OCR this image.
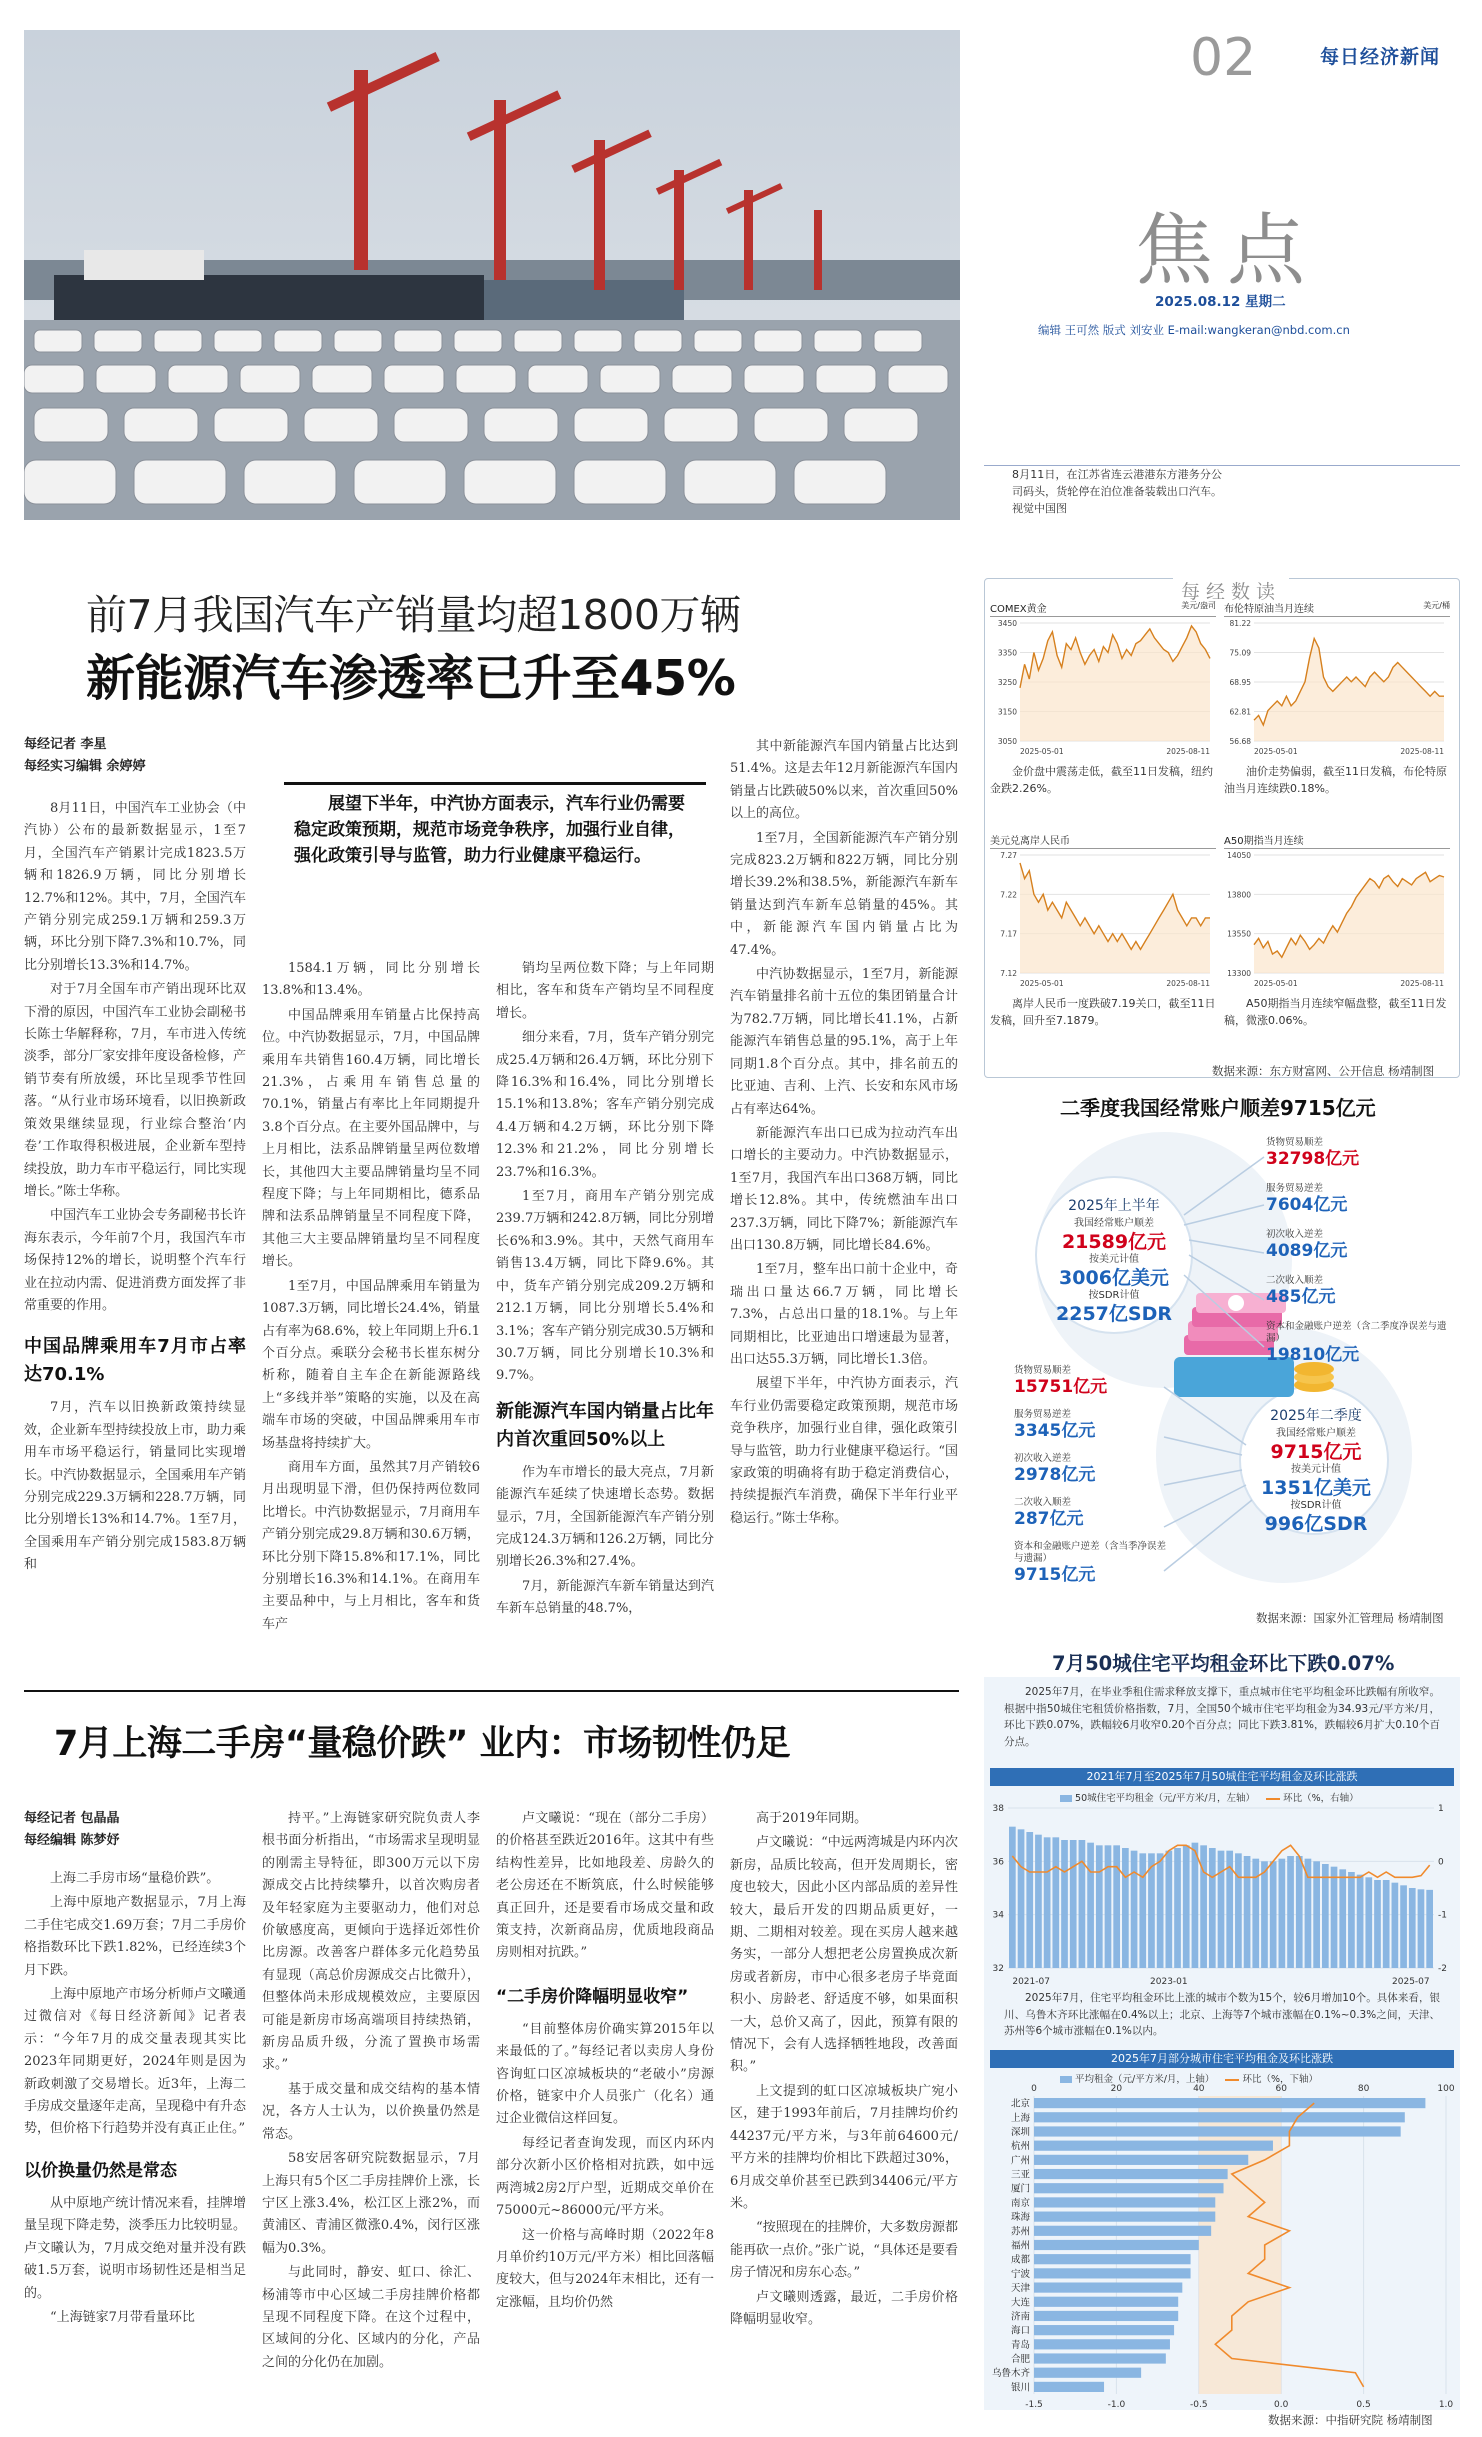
02	每日经济新闻
焦点
2025.08.12 星期二
编辑 王可然 版式 刘安业 E-mail:wangkeran@nbd.com.cn
8月11日，在江苏省连云港港东方港务分公司码头，货轮停在泊位准备装载出口汽车。 视觉中国图
前7月我国汽车产销量均超1800万辆
新能源汽车渗透率已升至45%
每经记者 李星
每经实习编辑 余婷婷
展望下半年，中汽协方面表示，汽车行业仍需要稳定政策预期，规范市场竞争秩序，加强行业自律，强化政策引导与监管，助力行业健康平稳运行。

8月11日，中国汽车工业协会（中汽协）公布的最新数据显示，1至7月，全国汽车产销累计完成1823.5万辆和1826.9万辆，同比分别增长12.7%和12%。其中，7月，全国汽车产销分别完成259.1万辆和259.3万辆，环比分别下降7.3%和10.7%，同比分别增长13.3%和14.7%。

对于7月全国车市产销出现环比双下滑的原因，中国汽车工业协会副秘书长陈士华解释称，7月，车市进入传统淡季，部分厂家安排年度设备检修，产销节奏有所放缓，环比呈现季节性回落。“从行业市场环境看，以旧换新政策效果继续显现，行业综合整治‘内卷’工作取得积极进展，企业新车型持续投放，助力车市平稳运行，同比实现增长。”陈士华称。

中国汽车工业协会专务副秘书长许海东表示，今年前7个月，我国汽车市场保持12%的增长，说明整个汽车行业在拉动内需、促进消费方面发挥了非常重要的作用。

中国品牌乘用车7月市占率达70.1%

7月，汽车以旧换新政策持续显效，企业新车型持续投放上市，助力乘用车市场平稳运行，销量同比实现增长。中汽协数据显示，全国乘用车产销分别完成229.3万辆和228.7万辆，同比分别增长13%和14.7%。1至7月，全国乘用车产销分别完成1583.8万辆和

1584.1万辆，同比分别增长13.8%和13.4%。

中国品牌乘用车销量占比保持高位。中汽协数据显示，7月，中国品牌乘用车共销售160.4万辆，同比增长21.3%，占乘用车销售总量的70.1%，销量占有率比上年同期提升3.8个百分点。在主要外国品牌中，与上月相比，法系品牌销量呈两位数增长，其他四大主要品牌销量均呈不同程度下降；与上年同期相比，德系品牌和法系品牌销量呈不同程度下降，其他三大主要品牌销量均呈不同程度增长。

1至7月，中国品牌乘用车销量为1087.3万辆，同比增长24.4%，销量占有率为68.6%，较上年同期上升6.1个百分点。乘联分会秘书长崔东树分析称，随着自主车企在新能源路线上“多线并举”策略的实施，以及在高端车市场的突破，中国品牌乘用车市场基盘将持续扩大。

商用车方面，虽然其7月产销较6月出现明显下滑，但仍保持两位数同比增长。中汽协数据显示，7月商用车产销分别完成29.8万辆和30.6万辆，环比分别下降15.8%和17.1%，同比分别增长16.3%和14.1%。在商用车主要品种中，与上月相比，客车和货车产

销均呈两位数下降；与上年同期相比，客车和货车产销均呈不同程度增长。

细分来看，7月，货车产销分别完成25.4万辆和26.4万辆，环比分别下降16.3%和16.4%，同比分别增长15.1%和13.8%；客车产销分别完成4.4万辆和4.2万辆，环比分别下降12.3%和21.2%，同比分别增长23.7%和16.3%。

1至7月，商用车产销分别完成239.7万辆和242.8万辆，同比分别增长6%和3.9%。其中，天然气商用车销售13.4万辆，同比下降9.6%。其中，货车产销分别完成209.2万辆和212.1万辆，同比分别增长5.4%和3.1%；客车产销分别完成30.5万辆和30.7万辆，同比分别增长10.3%和9.7%。

新能源汽车国内销量占比年内首次重回50%以上

作为车市增长的最大亮点，7月新能源汽车延续了快速增长态势。数据显示，7月，全国新能源汽车产销分别完成124.3万辆和126.2万辆，同比分别增长26.3%和27.4%。

7月，新能源汽车新车销量达到汽车新车总销量的48.7%，

其中新能源汽车国内销量占比达到51.4%。这是去年12月新能源汽车国内销量占比跌破50%以来，首次重回50%以上的高位。

1至7月，全国新能源汽车产销分别完成823.2万辆和822万辆，同比分别增长39.2%和38.5%，新能源汽车新车销量达到汽车新车总销量的45%。其中，新能源汽车国内销量占比为47.4%。

中汽协数据显示，1至7月，新能源汽车销量排名前十五位的集团销量合计为782.7万辆，同比增长41.1%，占新能源汽车销售总量的95.1%，高于上年同期1.8个百分点。其中，排名前五的比亚迪、吉利、上汽、长安和东风市场占有率达64%。

新能源汽车出口已成为拉动汽车出口增长的主要动力。中汽协数据显示，1至7月，我国汽车出口368万辆，同比增长12.8%。其中，传统燃油车出口237.3万辆，同比下降7%；新能源汽车出口130.8万辆，同比增长84.6%。

1至7月，整车出口前十企业中，奇瑞出口量达66.7万辆，同比增长7.3%，占总出口量的18.1%。与上年同期相比，比亚迪出口增速最为显著，出口达55.3万辆，同比增长1.3倍。

展望下半年，中汽协方面表示，汽车行业仍需要稳定政策预期，规范市场竞争秩序，加强行业自律，强化政策引导与监管，助力行业健康平稳运行。“国家政策的明确将有助于稳定消费信心，持续提振汽车消费，确保下半年行业平稳运行。”陈士华称。

7月上海二手房“量稳价跌” 业内：市场韧性仍足
每经记者 包晶晶
每经编辑 陈梦妤

上海二手房市场“量稳价跌”。

上海中原地产数据显示，7月上海二手住宅成交1.69万套；7月二手房价格指数环比下跌1.82%，已经连续3个月下跌。

上海中原地产市场分析师卢文曦通过微信对《每日经济新闻》记者表示：“今年7月的成交量表现其实比2023年同期更好，2024年则是因为新政刺激了交易增长。近3年，上海二手房成交量逐年走高，呈现稳中有升态势，但价格下行趋势并没有真正止住。”

以价换量仍然是常态

从中原地产统计情况来看，挂牌增量呈现下降走势，淡季压力比较明显。卢文曦认为，7月成交绝对量并没有跌破1.5万套，说明市场韧性还是相当足的。

“上海链家7月带看量环比

持平。”上海链家研究院负责人李根书面分析指出，“市场需求呈现明显的刚需主导特征，即300万元以下房源成交占比持续攀升，以首次购房者及年轻家庭为主要驱动力，他们对总价敏感度高，更倾向于选择近郊性价比房源。改善客户群体多元化趋势虽有显现（高总价房源成交占比微升），但整体尚未形成规模效应，主要原因可能是新房市场高端项目持续热销，新房品质升级，分流了置换市场需求。”

基于成交量和成交结构的基本情况，各方人士认为，以价换量仍然是常态。

58安居客研究院数据显示，7月上海只有5个区二手房挂牌价上涨，长宁区上涨3.4%，松江区上涨2%，而黄浦区、青浦区微涨0.4%，闵行区涨幅为0.3%。

与此同时，静安、虹口、徐汇、杨浦等市中心区域二手房挂牌价格都呈现不同程度下降。在这个过程中，区域间的分化、区域内的分化，产品之间的分化仍在加剧。

卢文曦说：“现在（部分二手房）的价格甚至跌近2016年。这其中有些结构性差异，比如地段差、房龄久的老公房还在不断筑底，什么时候能够真正回升，还是要看市场成交量和政策支持，次新商品房，优质地段商品房则相对抗跌。”

“二手房价降幅明显收窄”

“目前整体房价确实算2015年以来最低的了。”每经记者以卖房人身份咨询虹口区凉城板块的“老破小”房源价格，链家中介人员张广（化名）通过企业微信这样回复。

每经记者查询发现，而区内环内部分次新小区价格相对抗跌，如中远两湾城2房2厅户型，近期成交单价在75000元~86000元/平方米。

这一价格与高峰时期（2022年8月单价约10万元/平方米）相比回落幅度较大，但与2024年末相比，还有一定涨幅，且均价仍然

高于2019年同期。

卢文曦说：“中远两湾城是内环内次新房，品质比较高，但开发周期长，密度也较大，因此小区内部品质的差异性较大，最后开发的四期品质更好，一期、二期相对较差。现在买房人越来越务实，一部分人想把老公房置换成次新房或者新房，市中心很多老房子毕竟面积小、房龄老、舒适度不够，如果面积一大，总价又高了，因此，预算有限的情况下，会有人选择牺牲地段，改善面积。”

上文提到的虹口区凉城板块广宛小区，建于1993年前后，7月挂牌均价约44237元/平方米，与3年前64600元/平方米的挂牌均价相比下跌超过30%，6月成交单价甚至已跌到34406元/平方米。

“按照现在的挂牌价，大多数房源都能再砍一点价。”张广说，“具体还是要看房子情况和房东心态。”

卢文曦则透露，最近，二手房价格降幅明显收窄。

每经数读
COMEX黄金	美元/盎司
3050
3150
3250
3350
3450
2025-05-01	2025-08-11
金价盘中震荡走低，截至11日发稿，纽约金跌2.26%。
布伦特原油当月连续	美元/桶
56.68
62.81
68.95
75.09
81.22
2025-05-01	2025-08-11
油价走势偏弱，截至11日发稿，布伦特原油当月连续跌0.18%。
美元兑离岸人民币
7.12
7.17
7.22
7.27
2025-05-01	2025-08-11
离岸人民币一度跌破7.19关口，截至11日发稿，回升至7.1879。
A50期指当月连续
13300
13550
13800
14050
2025-05-01	2025-08-11
A50期指当月连续窄幅盘整，截至11日发稿，微涨0.06%。
数据来源：东方财富网、公开信息 杨靖制图
二季度我国经常账户顺差9715亿元
2025年上半年
我国经常账户顺差
21589亿元
按美元计值
3006亿美元
按SDR计值
2257亿SDR
2025年二季度
我国经常账户顺差
9715亿元
按美元计值
1351亿美元
按SDR计值
996亿SDR
货物贸易顺差
32798亿元
服务贸易逆差
7604亿元
初次收入逆差
4089亿元
二次收入顺差
485亿元
资本和金融账户逆差（含二季度净误差与遗漏）
19810亿元
货物贸易顺差
15751亿元
服务贸易逆差
3345亿元
初次收入逆差
2978亿元
二次收入顺差
287亿元
资本和金融账户逆差（含当季净误差与遗漏）
9715亿元
数据来源：国家外汇管理局 杨靖制图
7月50城住宅平均租金环比下跌0.07%
2025年7月，在毕业季租住需求释放支撑下，重点城市住宅平均租金环比跌幅有所收窄。根据中指50城住宅租赁价格指数，7月，全国50个城市住宅平均租金为34.93元/平方米/月，环比下跌0.07%，跌幅较6月收窄0.20个百分点；同比下跌3.81%，跌幅较6月扩大0.10个百分点。
2021年7月至2025年7月50城住宅平均租金及环比涨跌
50城住宅平均租金（元/平方米/月，左轴）	环比（%，右轴）
32
34
36
38
-2
-1
0
1
2021-07	2023-01	2025-07
2025年7月，住宅平均租金环比上涨的城市个数为15个，较6月增加10个。具体来看，银川、乌鲁木齐环比涨幅在0.4%以上；北京、上海等7个城市涨幅在0.1%~0.3%之间，天津、苏州等6个城市涨幅在0.1%以内。
2025年7月部分城市住宅平均租金及环比涨跌
平均租金（元/平方米/月，上轴）	环比（%，下轴）
0	20	40	60	80	100
-1.5	-1.0	-0.5	0.0	0.5	1.0
北京
上海
深圳
杭州
广州
三亚
厦门
南京
珠海
苏州
福州
成都
宁波
天津
大连
济南
海口
青岛
合肥
乌鲁木齐
银川
数据来源：中指研究院 杨靖制图
